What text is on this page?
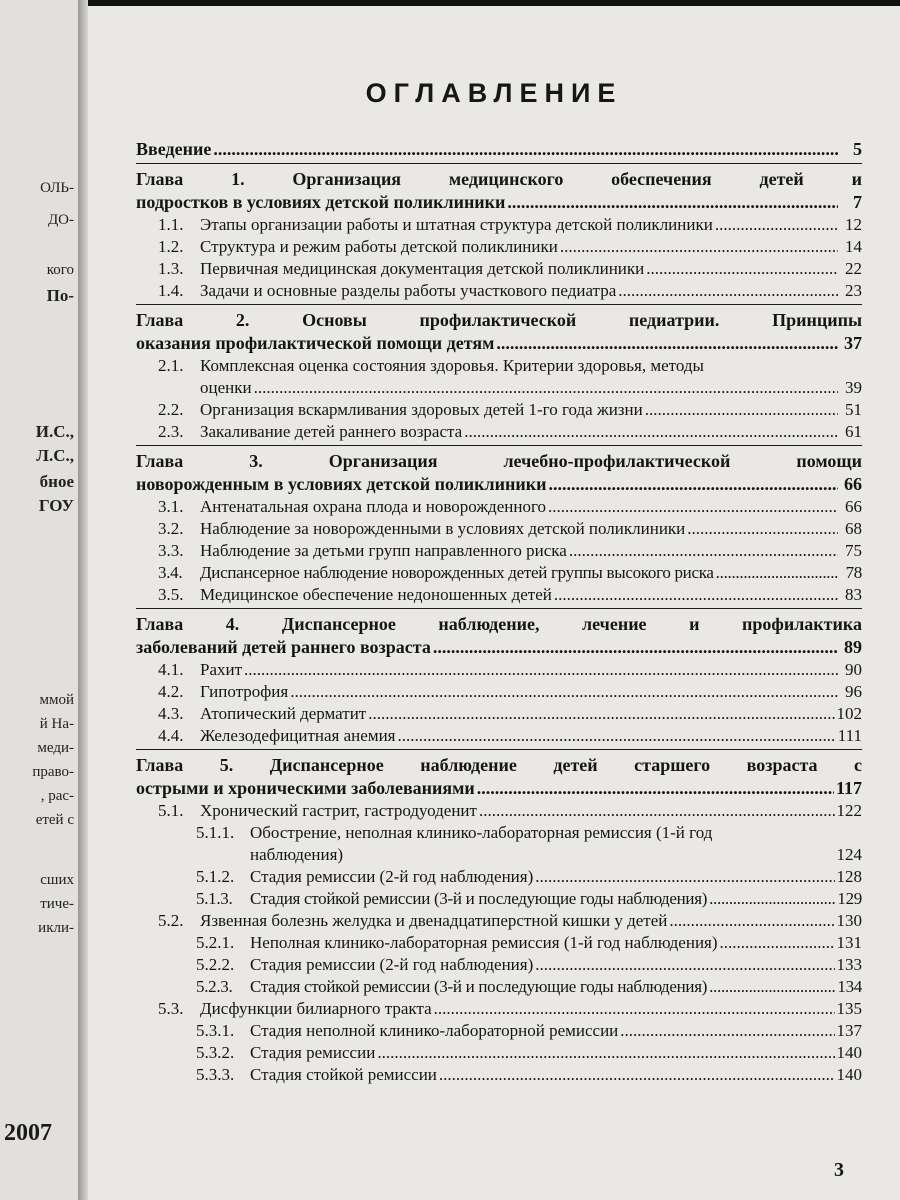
ОЛЬ-
ДО-
кого
По-
И.С.,
Л.С.,
бное
ГОУ
ммой
й На-
меди-
право-
, рас-
етей с
сших
тиче-
икли-
2007
ОГЛАВЛЕНИЕ
Введение .....	5
Глава 1. Организация медицинского обеспечения детей и
подростков в условиях детской поликлиники .....	7
1.1. Этапы организации работы и штатная структура детской поликлиники .....	12
1.2. Структура и режим работы детской поликлиники .....	14
1.3. Первичная медицинская документация детской поликлиники .....	22
1.4. Задачи и основные разделы работы участкового педиатра .....	23
Глава 2. Основы профилактической педиатрии. Принципы
оказания профилактической помощи детям .....	37
2.1. Комплексная оценка состояния здоровья. Критерии здоровья, методы
оценки .....	39
2.2. Организация вскармливания здоровых детей 1-го года жизни .....	51
2.3. Закаливание детей раннего возраста .....	61
Глава 3. Организация лечебно-профилактической помощи
новорожденным в условиях детской поликлиники .....	66
3.1. Антенатальная охрана плода и новорожденного .....	66
3.2. Наблюдение за новорожденными в условиях детской поликлиники .....	68
3.3. Наблюдение за детьми групп направленного риска .....	75
3.4. Диспансерное наблюдение новорожденных детей группы высокого риска .....	78
3.5. Медицинское обеспечение недоношенных детей .....	83
Глава 4. Диспансерное наблюдение, лечение и профилактика
заболеваний детей раннего возраста .....	89
4.1. Рахит .....	90
4.2. Гипотрофия .....	96
4.3. Атопический дерматит .....	102
4.4. Железодефицитная анемия .....	111
Глава 5. Диспансерное наблюдение детей старшего возраста с
острыми и хроническими заболеваниями .....	117
5.1. Хронический гастрит, гастродуоденит .....	122
5.1.1. Обострение, неполная клинико-лабораторная ремиссия (1-й год
наблюдения)	124
5.1.2. Стадия ремиссии (2-й год наблюдения) .....	128
5.1.3. Стадия стойкой ремиссии (3-й и последующие годы наблюдения) .....	129
5.2. Язвенная болезнь желудка и двенадцатиперстной кишки у детей .....	130
5.2.1. Неполная клинико-лабораторная ремиссия (1-й год наблюдения) .....	131
5.2.2. Стадия ремиссии (2-й год наблюдения) .....	133
5.2.3. Стадия стойкой ремиссии (3-й и последующие годы наблюдения) .....	134
5.3. Дисфункции билиарного тракта .....	135
5.3.1. Стадия неполной клинико-лабораторной ремиссии .....	137
5.3.2. Стадия ремиссии .....	140
5.3.3. Стадия стойкой ремиссии .....	140
3
